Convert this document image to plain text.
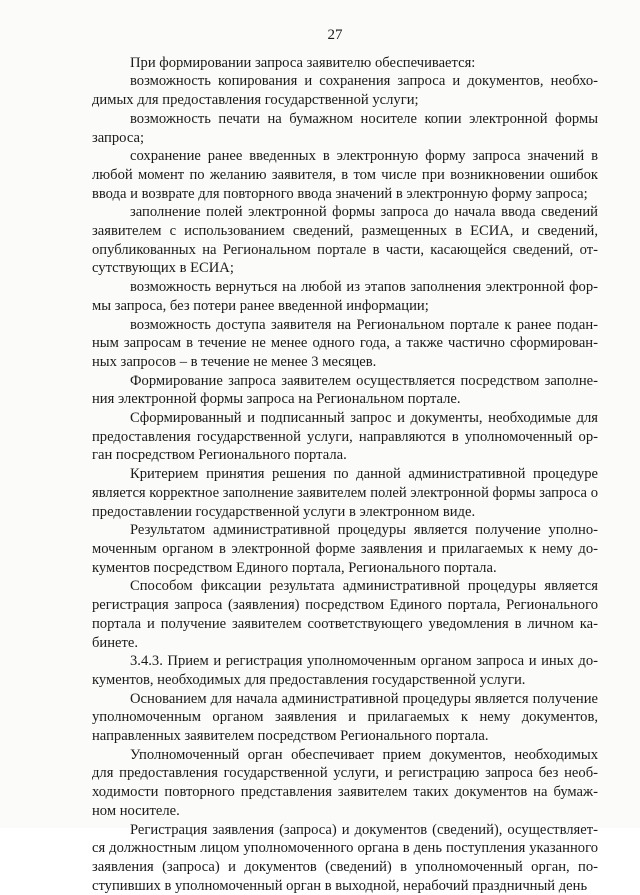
27

При формировании запроса заявителю обеспечивается:

возможность копирования и сохранения запроса и документов, необходимых для предоставления государственной услуги;

возможность печати на бумажном носителе копии электронной формы запроса;

сохранение ранее введенных в электронную форму запроса значений в любой момент по желанию заявителя, в том числе при возникновении ошибок ввода и возврате для повторного ввода значений в электронную форму запроса;

заполнение полей электронной формы запроса до начала ввода сведений заявителем с использованием сведений, размещенных в ЕСИА, и сведений, опубликованных на Региональном портале в части, касающейся сведений, отсутствующих в ЕСИА;

возможность вернуться на любой из этапов заполнения электронной формы запроса, без потери ранее введенной информации;

возможность доступа заявителя на Региональном портале к ранее поданным запросам в течение не менее одного года, а также частично сформированных запросов – в течение не менее 3 месяцев.

Формирование запроса заявителем осуществляется посредством заполнения электронной формы запроса на Региональном портале.

Сформированный и подписанный запрос и документы, необходимые для предоставления государственной услуги, направляются в уполномоченный орган посредством Регионального портала.

Критерием принятия решения по данной административной процедуре является корректное заполнение заявителем полей электронной формы запроса о предоставлении государственной услуги в электронном виде.

Результатом административной процедуры является получение уполномоченным органом в электронной форме заявления и прилагаемых к нему документов посредством Единого портала, Регионального портала.

Способом фиксации результата административной процедуры является регистрация запроса (заявления) посредством Единого портала, Регионального портала и получение заявителем соответствующего уведомления в личном кабинете.

3.4.3. Прием и регистрация уполномоченным органом запроса и иных документов, необходимых для предоставления государственной услуги.

Основанием для начала административной процедуры является получение уполномоченным органом заявления и прилагаемых к нему документов, направленных заявителем посредством Регионального портала.

Уполномоченный орган обеспечивает прием документов, необходимых для предоставления государственной услуги, и регистрацию запроса без необходимости повторного представления заявителем таких документов на бумажном носителе.

Регистрация заявления (запроса) и документов (сведений), осуществляется должностным лицом уполномоченного органа в день поступления указанного заявления (запроса) и документов (сведений) в уполномоченный орган, поступивших в уполномоченный орган в выходной, нерабочий праздничный день
